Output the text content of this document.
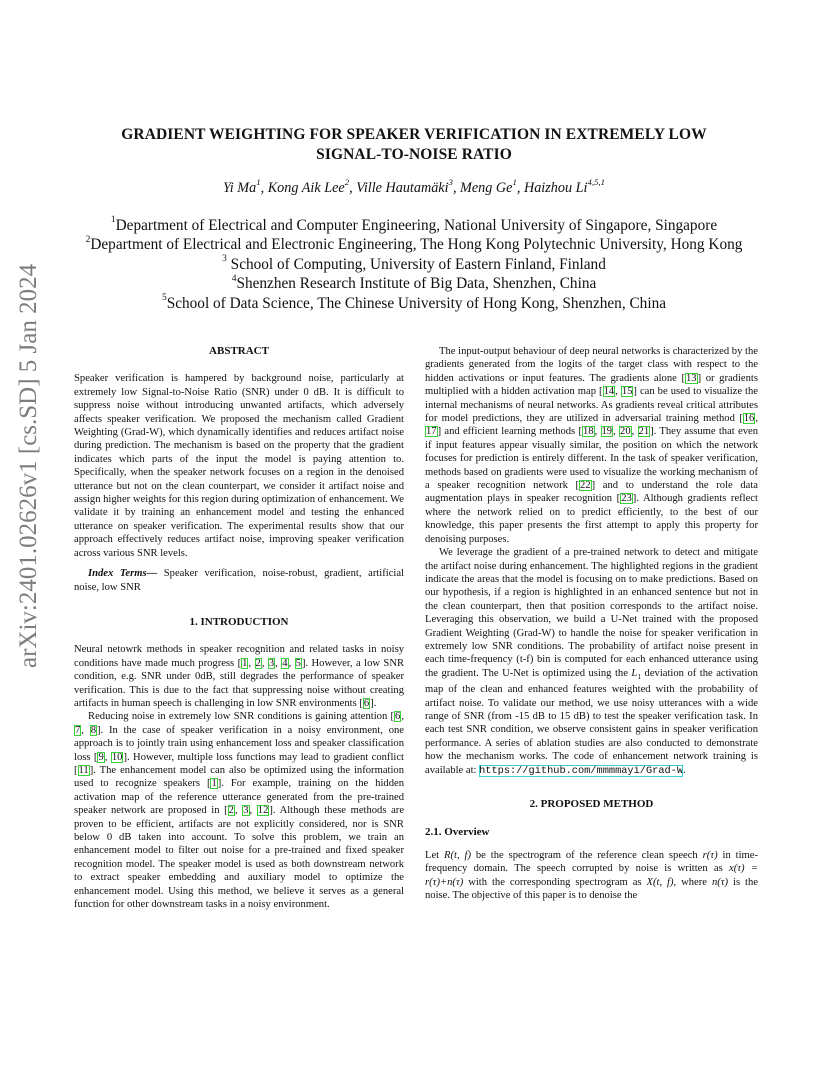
arXiv:2401.02626v1 [cs.SD] 5 Jan 2024
GRADIENT WEIGHTING FOR SPEAKER VERIFICATION IN EXTREMELY LOW
SIGNAL-TO-NOISE RATIO
Yi Ma$^1$, Kong Aik Lee$^2$, Ville Hautamäki$^3$, Meng Ge$^1$, Haizhou Li$^{4,5,1}$
$^1$Department of Electrical and Computer Engineering, National University of Singapore, Singapore
$^2$Department of Electrical and Electronic Engineering, The Hong Kong Polytechnic University, Hong Kong
$^3$ School of Computing, University of Eastern Finland, Finland
$^4$Shenzhen Research Institute of Big Data, Shenzhen, China
$^5$School of Data Science, The Chinese University of Hong Kong, Shenzhen, China

ABSTRACT

Speaker verification is hampered by background noise, particularly at extremely low Signal-to-Noise Ratio (SNR) under 0 dB. It is difficult to suppress noise without introducing unwanted artifacts, which adversely affects speaker verification. We proposed the mechanism called Gradient Weighting (Grad-W), which dynamically identifies and reduces artifact noise during prediction. The mechanism is based on the property that the gradient indicates which parts of the input the model is paying attention to. Specifically, when the speaker network focuses on a region in the denoised utterance but not on the clean counterpart, we consider it artifact noise and assign higher weights for this region during optimization of enhancement. We validate it by training an enhancement model and testing the enhanced utterance on speaker verification. The experimental results show that our approach effectively reduces artifact noise, improving speaker verification across various SNR levels.

Index Terms— Speaker verification, noise-robust, gradient, artificial noise, low SNR

1. INTRODUCTION

Neural netowrk methods in speaker recognition and related tasks in noisy conditions have made much progress [1, 2, 3, 4, 5]. However, a low SNR condition, e.g. SNR under 0dB, still degrades the performance of speaker verification. This is due to the fact that suppressing noise without creating artifacts in human speech is challenging in low SNR environments [6].

Reducing noise in extremely low SNR conditions is gaining attention [6, 7, 8]. In the case of speaker verification in a noisy environment, one approach is to jointly train using enhancement loss and speaker classification loss [9, 10]. However, multiple loss functions may lead to gradient conflict [11]. The enhancement model can also be optimized using the information used to recognize speakers [1]. For example, training on the hidden activation map of the reference utterance generated from the pre-trained speaker network are proposed in [2, 3, 12]. Although these methods are proven to be efficient, artifacts are not explicitly considered, nor is SNR below 0 dB taken into account. To solve this problem, we train an enhancement model to filter out noise for a pre-trained and fixed speaker recognition model. The speaker model is used as both downstream network to extract speaker embedding and auxiliary model to optimize the enhancement model. Using this method, we believe it serves as a general function for other downstream tasks in a noisy environment.

The input-output behaviour of deep neural networks is characterized by the gradients generated from the logits of the target class with respect to the hidden activations or input features. The gradients alone [13] or gradients multiplied with a hidden activation map [14, 15] can be used to visualize the internal mechanisms of neural networks. As gradients reveal critical attributes for model predictions, they are utilized in adversarial training method [16, 17] and efficient learning methods [18, 19, 20, 21]. They assume that even if input features appear visually similar, the position on which the network focuses for prediction is entirely different. In the task of speaker verification, methods based on gradients were used to visualize the working mechanism of a speaker recognition network [22] and to understand the role data augmentation plays in speaker recognition [23]. Although gradients reflect where the network relied on to predict efficiently, to the best of our knowledge, this paper presents the first attempt to apply this property for denoising purposes.

We leverage the gradient of a pre-trained network to detect and mitigate the artifact noise during enhancement. The highlighted regions in the gradient indicate the areas that the model is focusing on to make predictions. Based on our hypothesis, if a region is highlighted in an enhanced sentence but not in the clean counterpart, then that position corresponds to the artifact noise. Leveraging this observation, we build a U-Net trained with the proposed Gradient Weighting (Grad-W) to handle the noise for speaker verification in extremely low SNR conditions. The probability of artifact noise present in each time-frequency (t-f) bin is computed for each enhanced utterance using the gradient. The U-Net is optimized using the $L_1$ deviation of the activation map of the clean and enhanced features weighted with the probability of artifact noise. To validate our method, we use noisy utterances with a wide range of SNR (from -15 dB to 15 dB) to test the speaker verification task. In each test SNR condition, we observe consistent gains in speaker verification performance. A series of ablation studies are also conducted to demonstrate how the mechanism works. The code of enhancement network training is available at: https://github.com/mmmmayi/Grad-W.

2. PROPOSED METHOD

2.1. Overview

Let R(t, f) be the spectrogram of the reference clean speech r(τ) in time-frequency domain. The speech corrupted by noise is written as x(τ) = r(τ)+n(τ) with the corresponding spectrogram as X(t, f), where n(τ) is the noise. The objective of this paper is to denoise the
